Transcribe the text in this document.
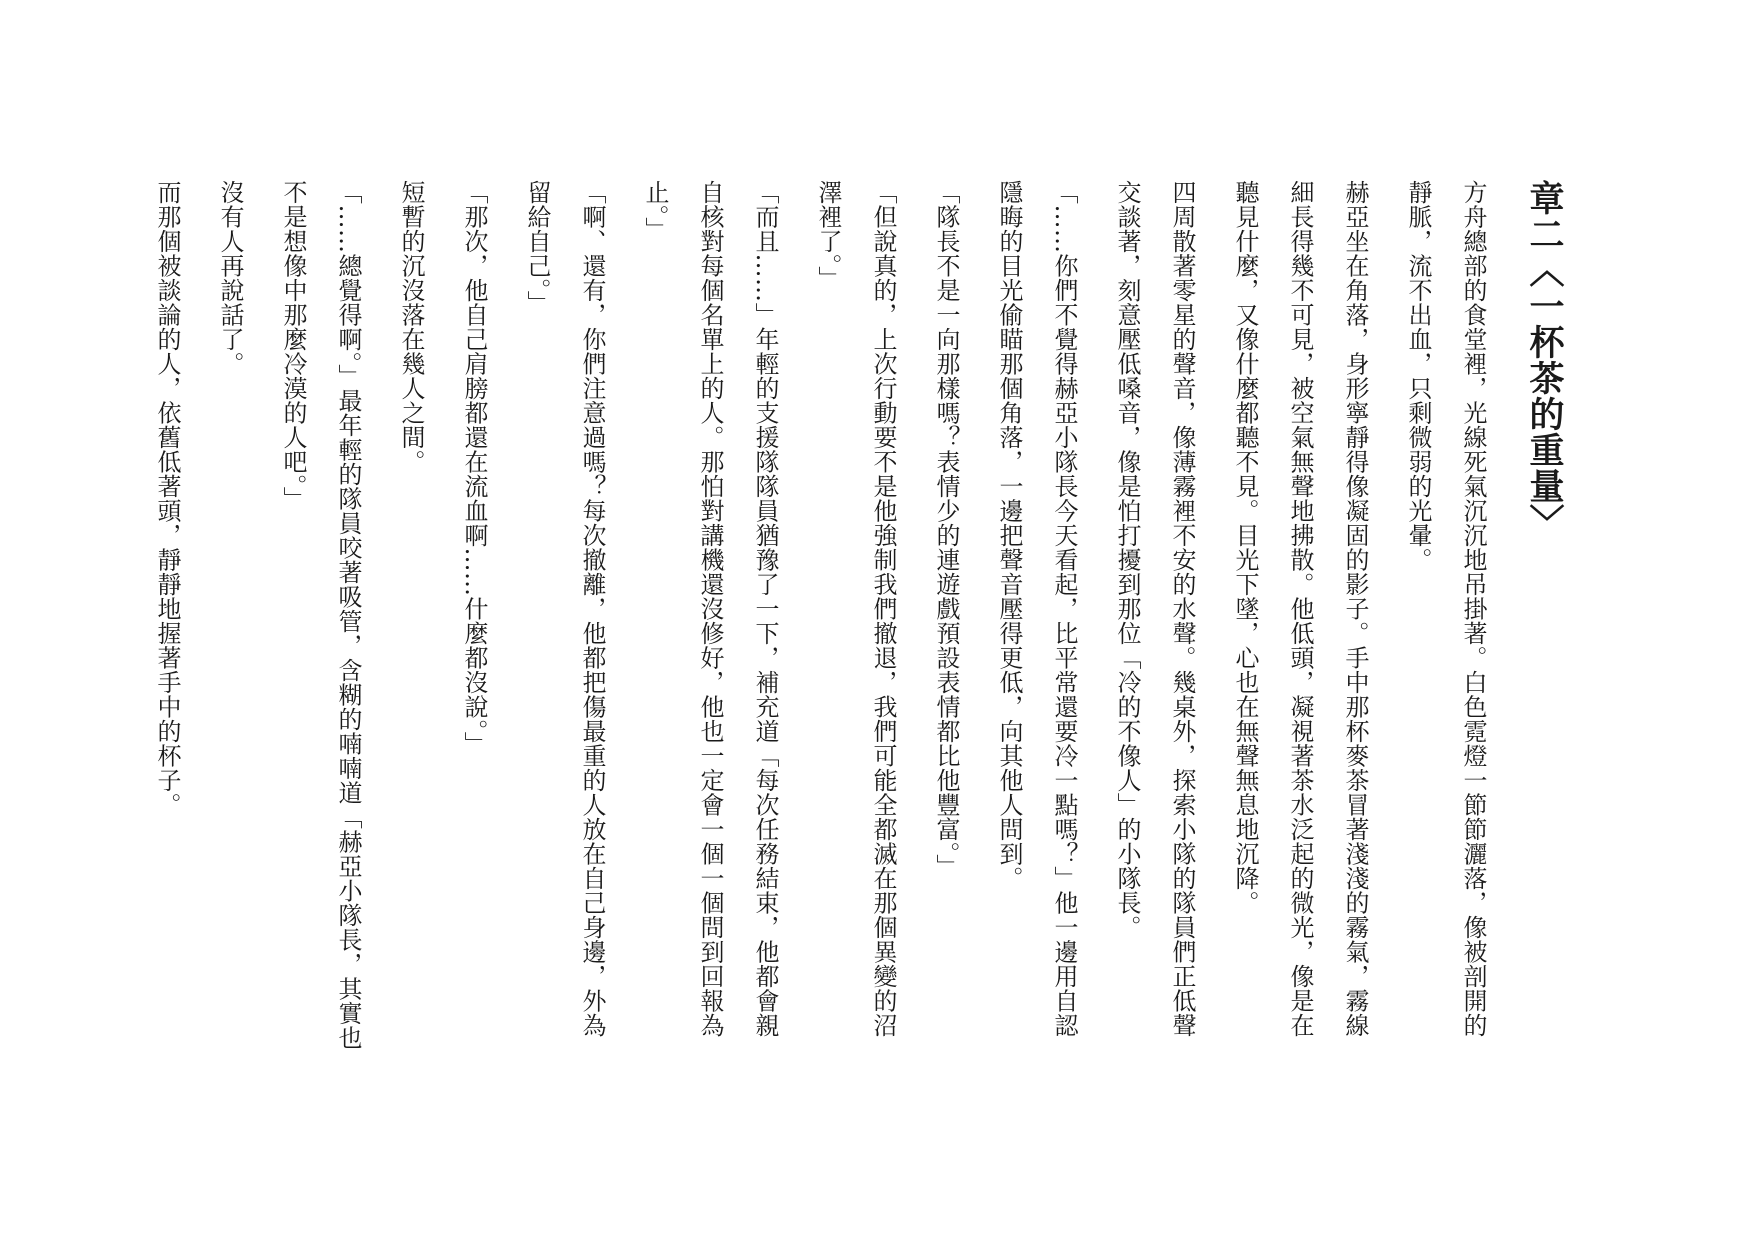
章二〈一杯茶的重量〉

方舟總部的食堂裡，光線死氣沉沉地吊掛著。白色霓燈一節節灑落，像被剖開的靜脈，流不出血，只剩微弱的光暈。

赫亞坐在角落，身形寧靜得像凝固的影子。手中那杯麥茶冒著淺淺的霧氣，霧線細長得幾不可見，被空氣無聲地拂散。他低頭，凝視著茶水泛起的微光，像是在聽見什麼，又像什麼都聽不見。目光下墜，心也在無聲無息地沉降。

四周散著零星的聲音，像薄霧裡不安的水聲。幾桌外，探索小隊的隊員們正低聲交談著，刻意壓低嗓音，像是怕打擾到那位「冷的不像人」的小隊長。

「……你們不覺得赫亞小隊長今天看起，比平常還要冷一點嗎？」他一邊用自認隱晦的目光偷瞄那個角落，一邊把聲音壓得更低，向其他人問到。

「隊長不是一向那樣嗎？表情少的連遊戲預設表情都比他豐富。」

「但說真的，上次行動要不是他強制我們撤退，我們可能全都滅在那個異變的沼澤裡了。」

「而且……」年輕的支援隊隊員猶豫了一下，補充道「每次任務結束，他都會親自核對每個名單上的人。那怕對講機還沒修好，他也一定會一個一個問到回報為止。」

「啊、還有，你們注意過嗎？每次撤離，他都把傷最重的人放在自己身邊，外為留給自己。」

「那次，他自己肩膀都還在流血啊……什麼都沒說。」

短暫的沉沒落在幾人之間。

「……總覺得啊。」最年輕的隊員咬著吸管，含糊的喃喃道「赫亞小隊長，其實也不是想像中那麼冷漠的人吧。」

沒有人再說話了。

而那個被談論的人，依舊低著頭，靜靜地握著手中的杯子。
